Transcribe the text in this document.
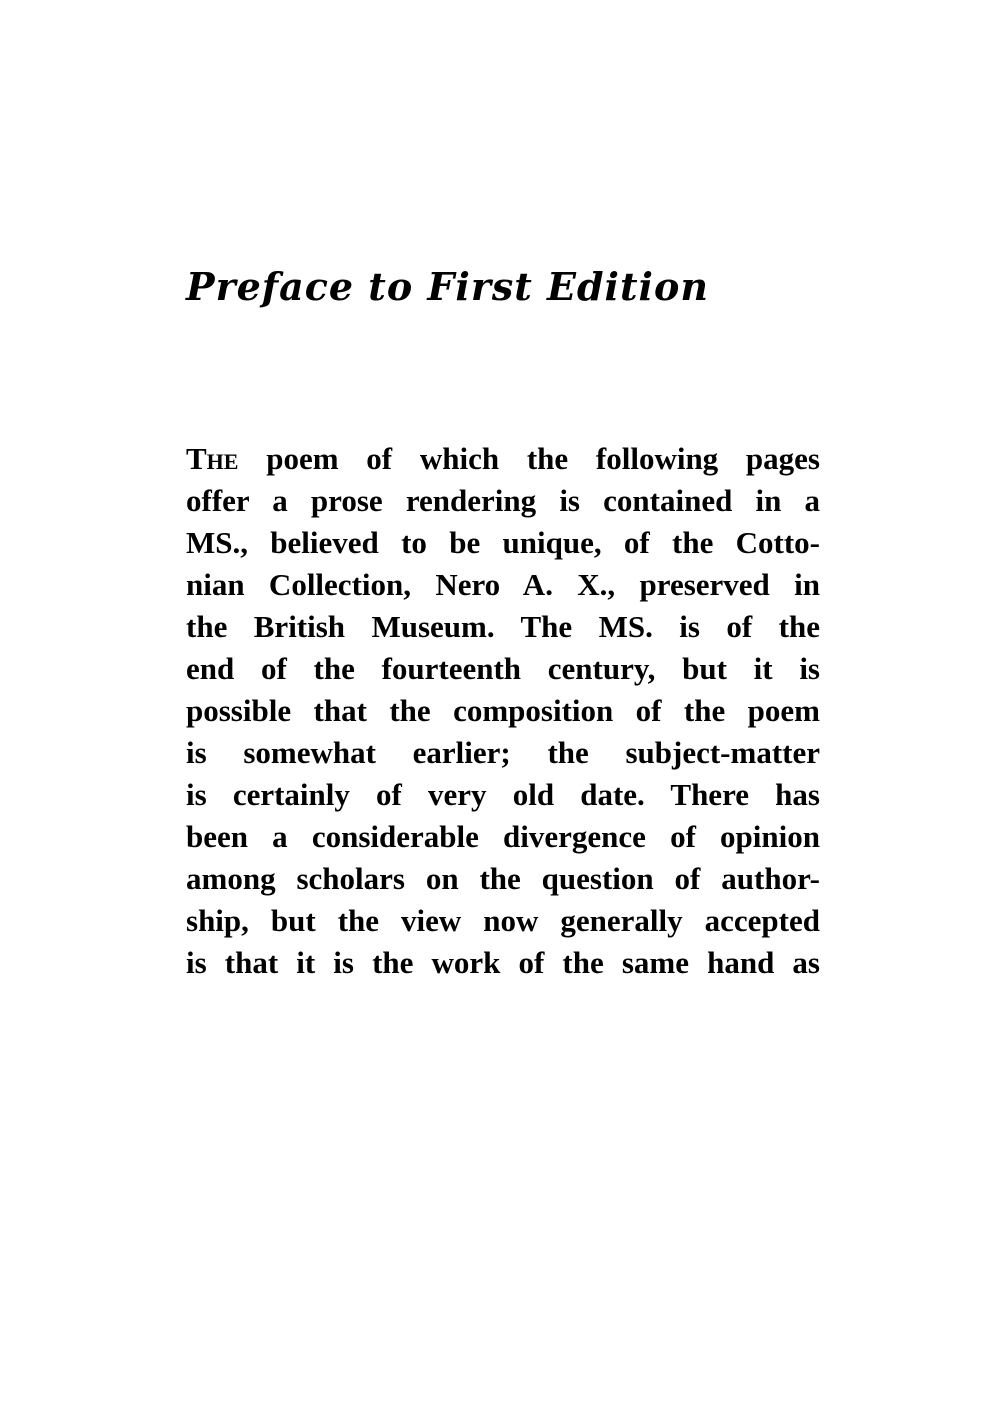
Preface to First Edition
The poem of which the following pages
offer a prose rendering is contained in a
MS., believed to be unique, of the Cotto-
nian Collection, Nero A. X., preserved in
the British Museum. The MS. is of the
end of the fourteenth century, but it is
possible that the composition of the poem
is somewhat earlier; the subject-matter
is certainly of very old date. There has
been a considerable divergence of opinion
among scholars on the question of author-
ship, but the view now generally accepted
is that it is the work of the same hand as
